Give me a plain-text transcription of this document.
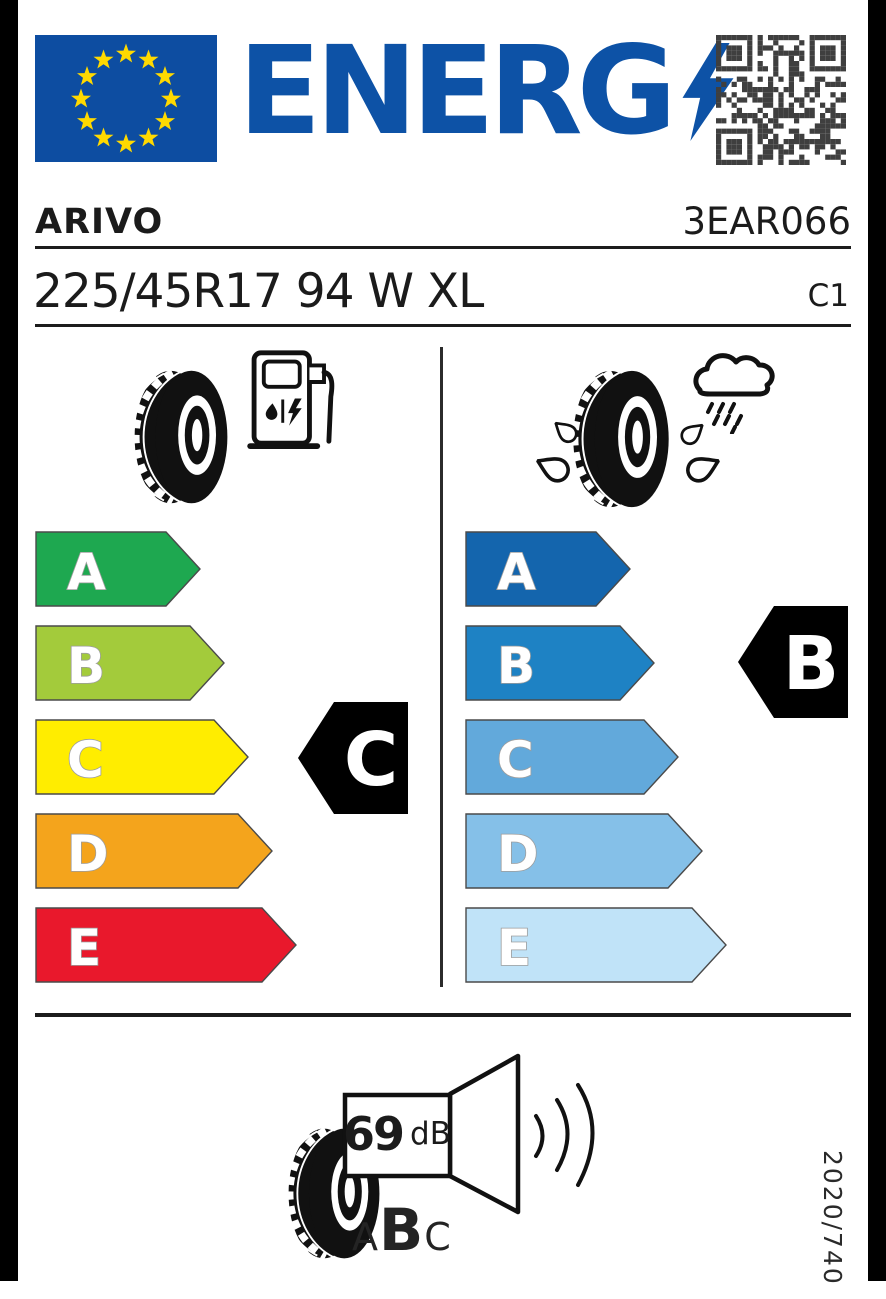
ENERG
ARIVO	3EAR066
225/45R17 94 W XL	C1
A
B
C
D
E
A
B
C
D
E
C
B
69 dB
A B C	2020/740
